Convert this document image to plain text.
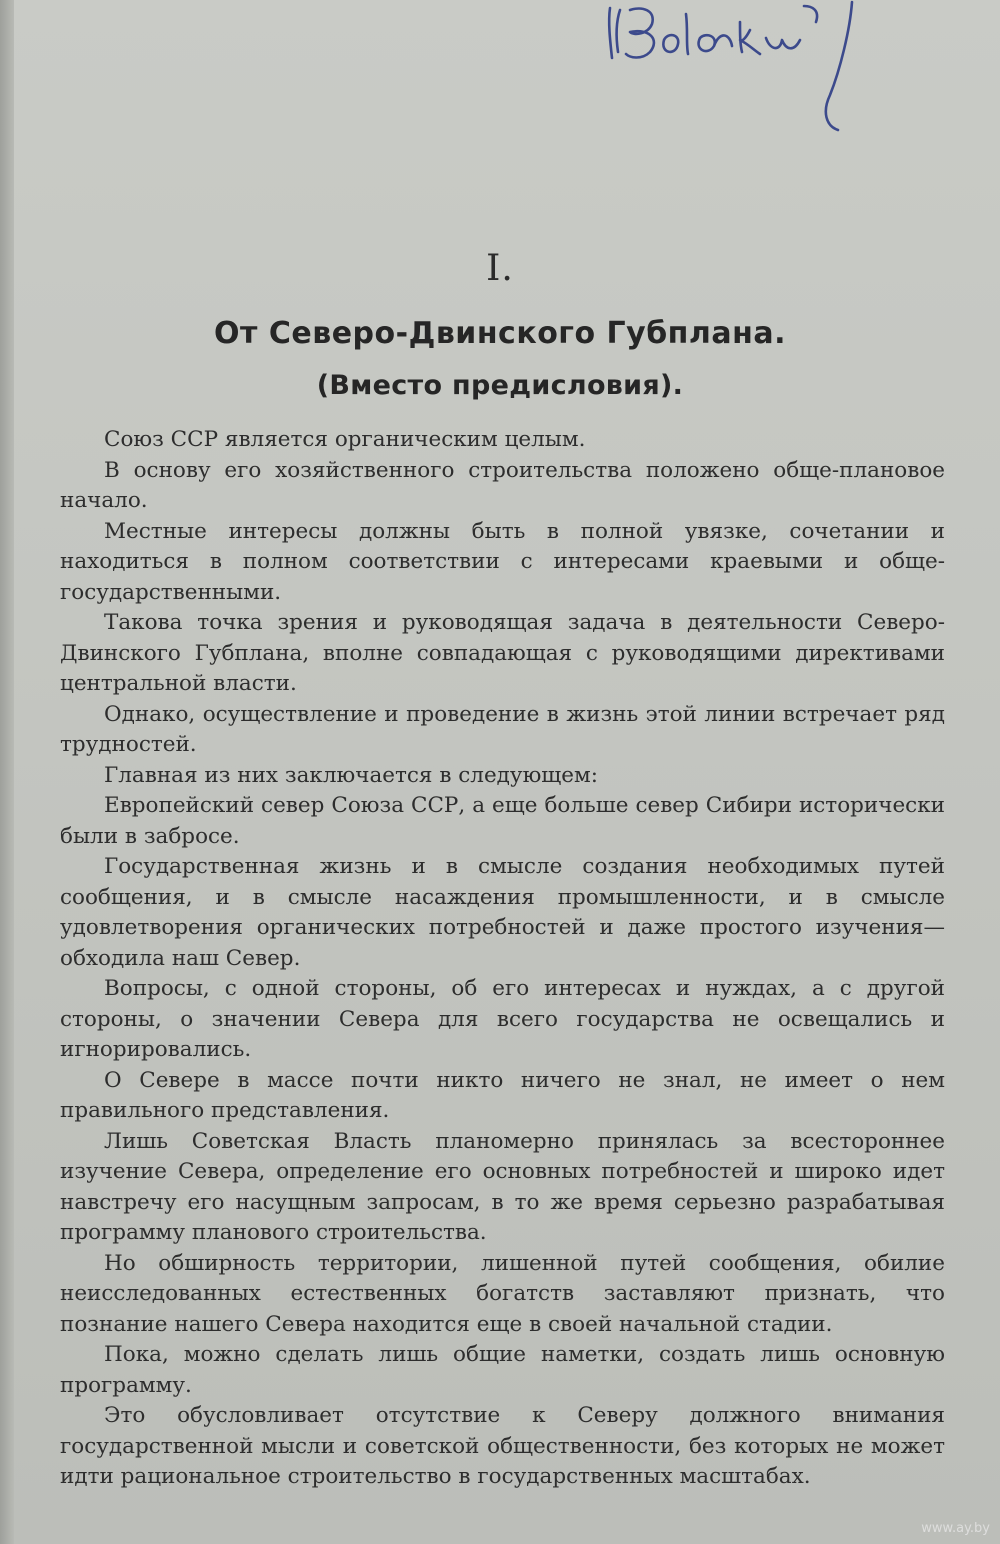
I.
От Северо-Двинского Губплана.
(Вместо предисловия).

Союз ССР является органическим целым.

В основу его хозяйственного строительства положено обще-плановое начало.

Местные интересы должны быть в полной увязке, сочетании и находиться в полном соответствии с интересами краевыми и обще-государственными.

Такова точка зрения и руководящая задача в деятельности Северо-Двинского Губплана, вполне совпадающая с руководящими директивами центральной власти.

Однако, осуществление и проведение в жизнь этой линии встречает ряд трудностей.

Главная из них заключается в следующем:

Европейский север Союза ССР, а еще больше север Сибири исторически были в забросе.

Государственная жизнь и в смысле создания необходимых путей сообщения, и в смысле насаждения промышленности, и в смысле удовлетворения органических потребностей и даже простого изучения—обходила наш Север.

Вопросы, с одной стороны, об его интересах и нуждах, а с другой стороны, о значении Севера для всего государства не освещались и игнорировались.

О Севере в массе почти никто ничего не знал, не имеет о нем правильного представления.

Лишь Советская Власть планомерно принялась за всестороннее изучение Севера, определение его основных потребностей и широко идет навстречу его насущным запросам, в то же время серьезно разрабатывая программу планового строительства.

Но обширность территории, лишенной путей сообщения, обилие неисследованных естественных богатств заставляют признать, что познание нашего Севера находится еще в своей начальной стадии.

Пока, можно сделать лишь общие наметки, создать лишь основную программу.

Это обусловливает отсутствие к Северу должного внимания государственной мысли и советской общественности, без которых не может идти рациональное строительство в государственных масштабах.

www.ay.by
